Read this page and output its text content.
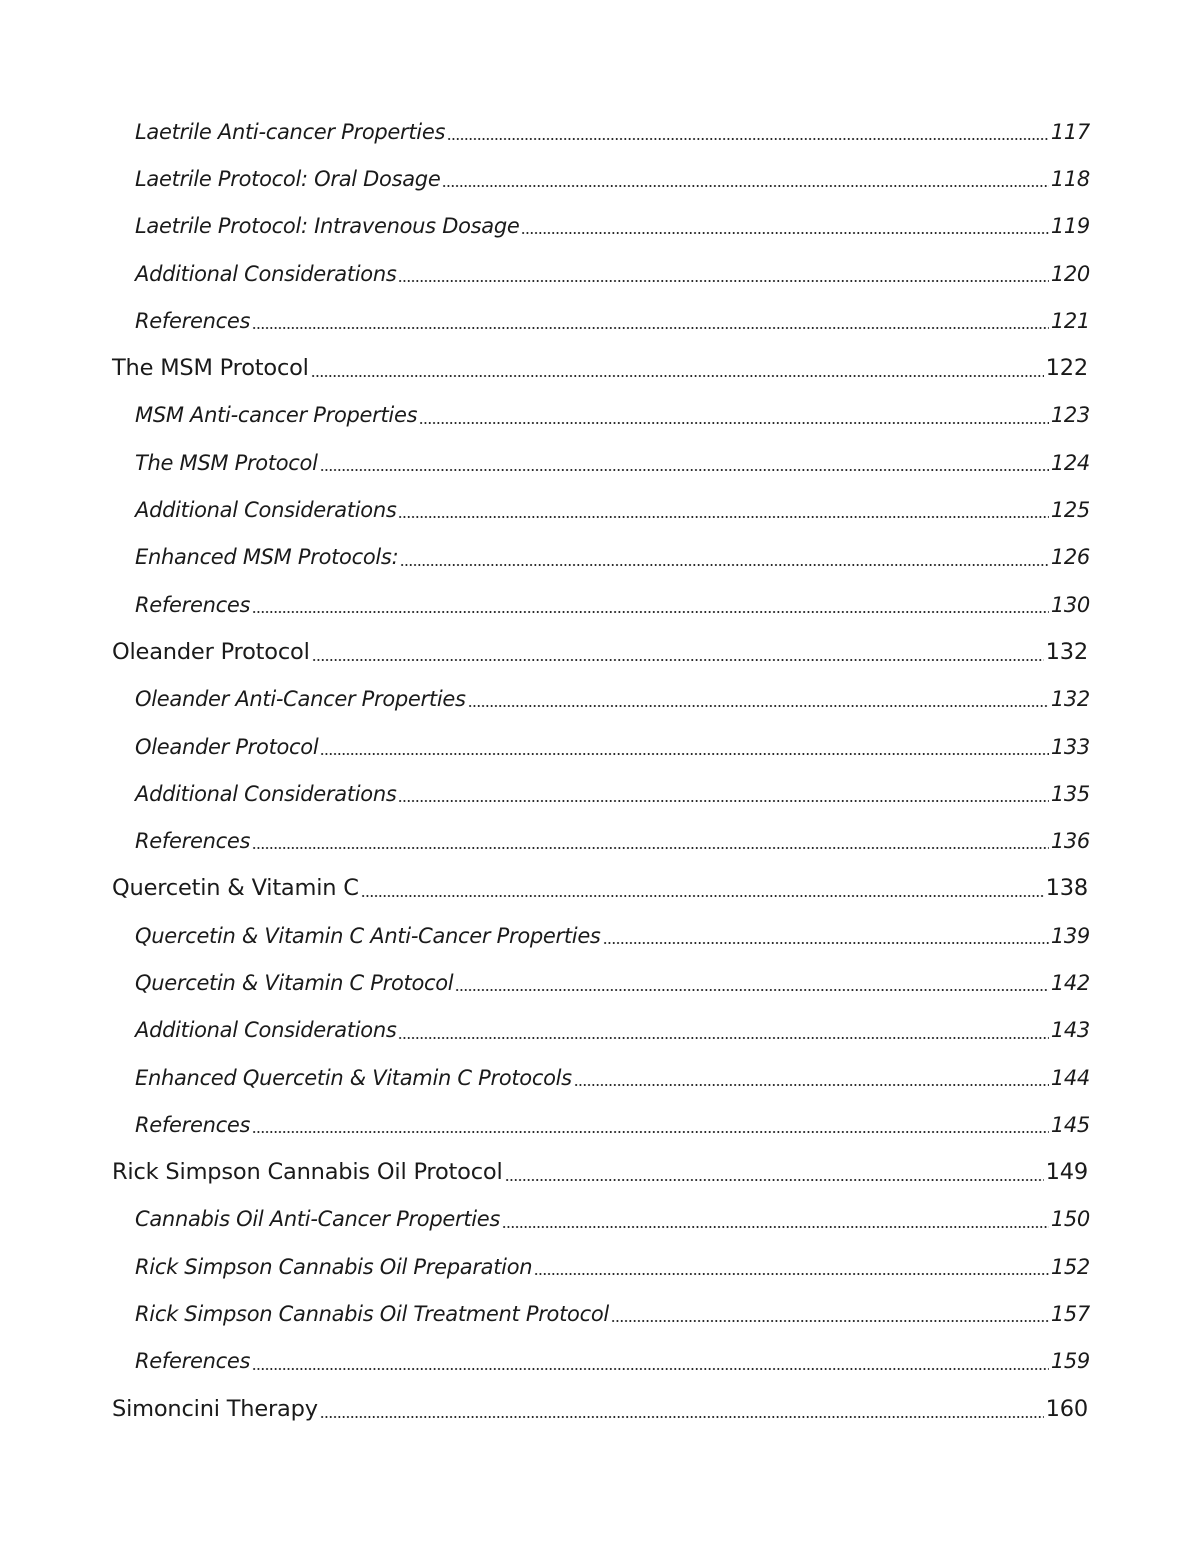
Laetrile Anti-cancer Properties	117
Laetrile Protocol: Oral Dosage	118
Laetrile Protocol: Intravenous Dosage	119
Additional Considerations	120
References	121
The MSM Protocol	122
MSM Anti-cancer Properties	123
The MSM Protocol	124
Additional Considerations	125
Enhanced MSM Protocols:	126
References	130
Oleander Protocol	132
Oleander Anti-Cancer Properties	132
Oleander Protocol	133
Additional Considerations	135
References	136
Quercetin & Vitamin C	138
Quercetin & Vitamin C Anti-Cancer Properties	139
Quercetin & Vitamin C Protocol	142
Additional Considerations	143
Enhanced Quercetin & Vitamin C Protocols	144
References	145
Rick Simpson Cannabis Oil Protocol	149
Cannabis Oil Anti-Cancer Properties	150
Rick Simpson Cannabis Oil Preparation	152
Rick Simpson Cannabis Oil Treatment Protocol	157
References	159
Simoncini Therapy	160
